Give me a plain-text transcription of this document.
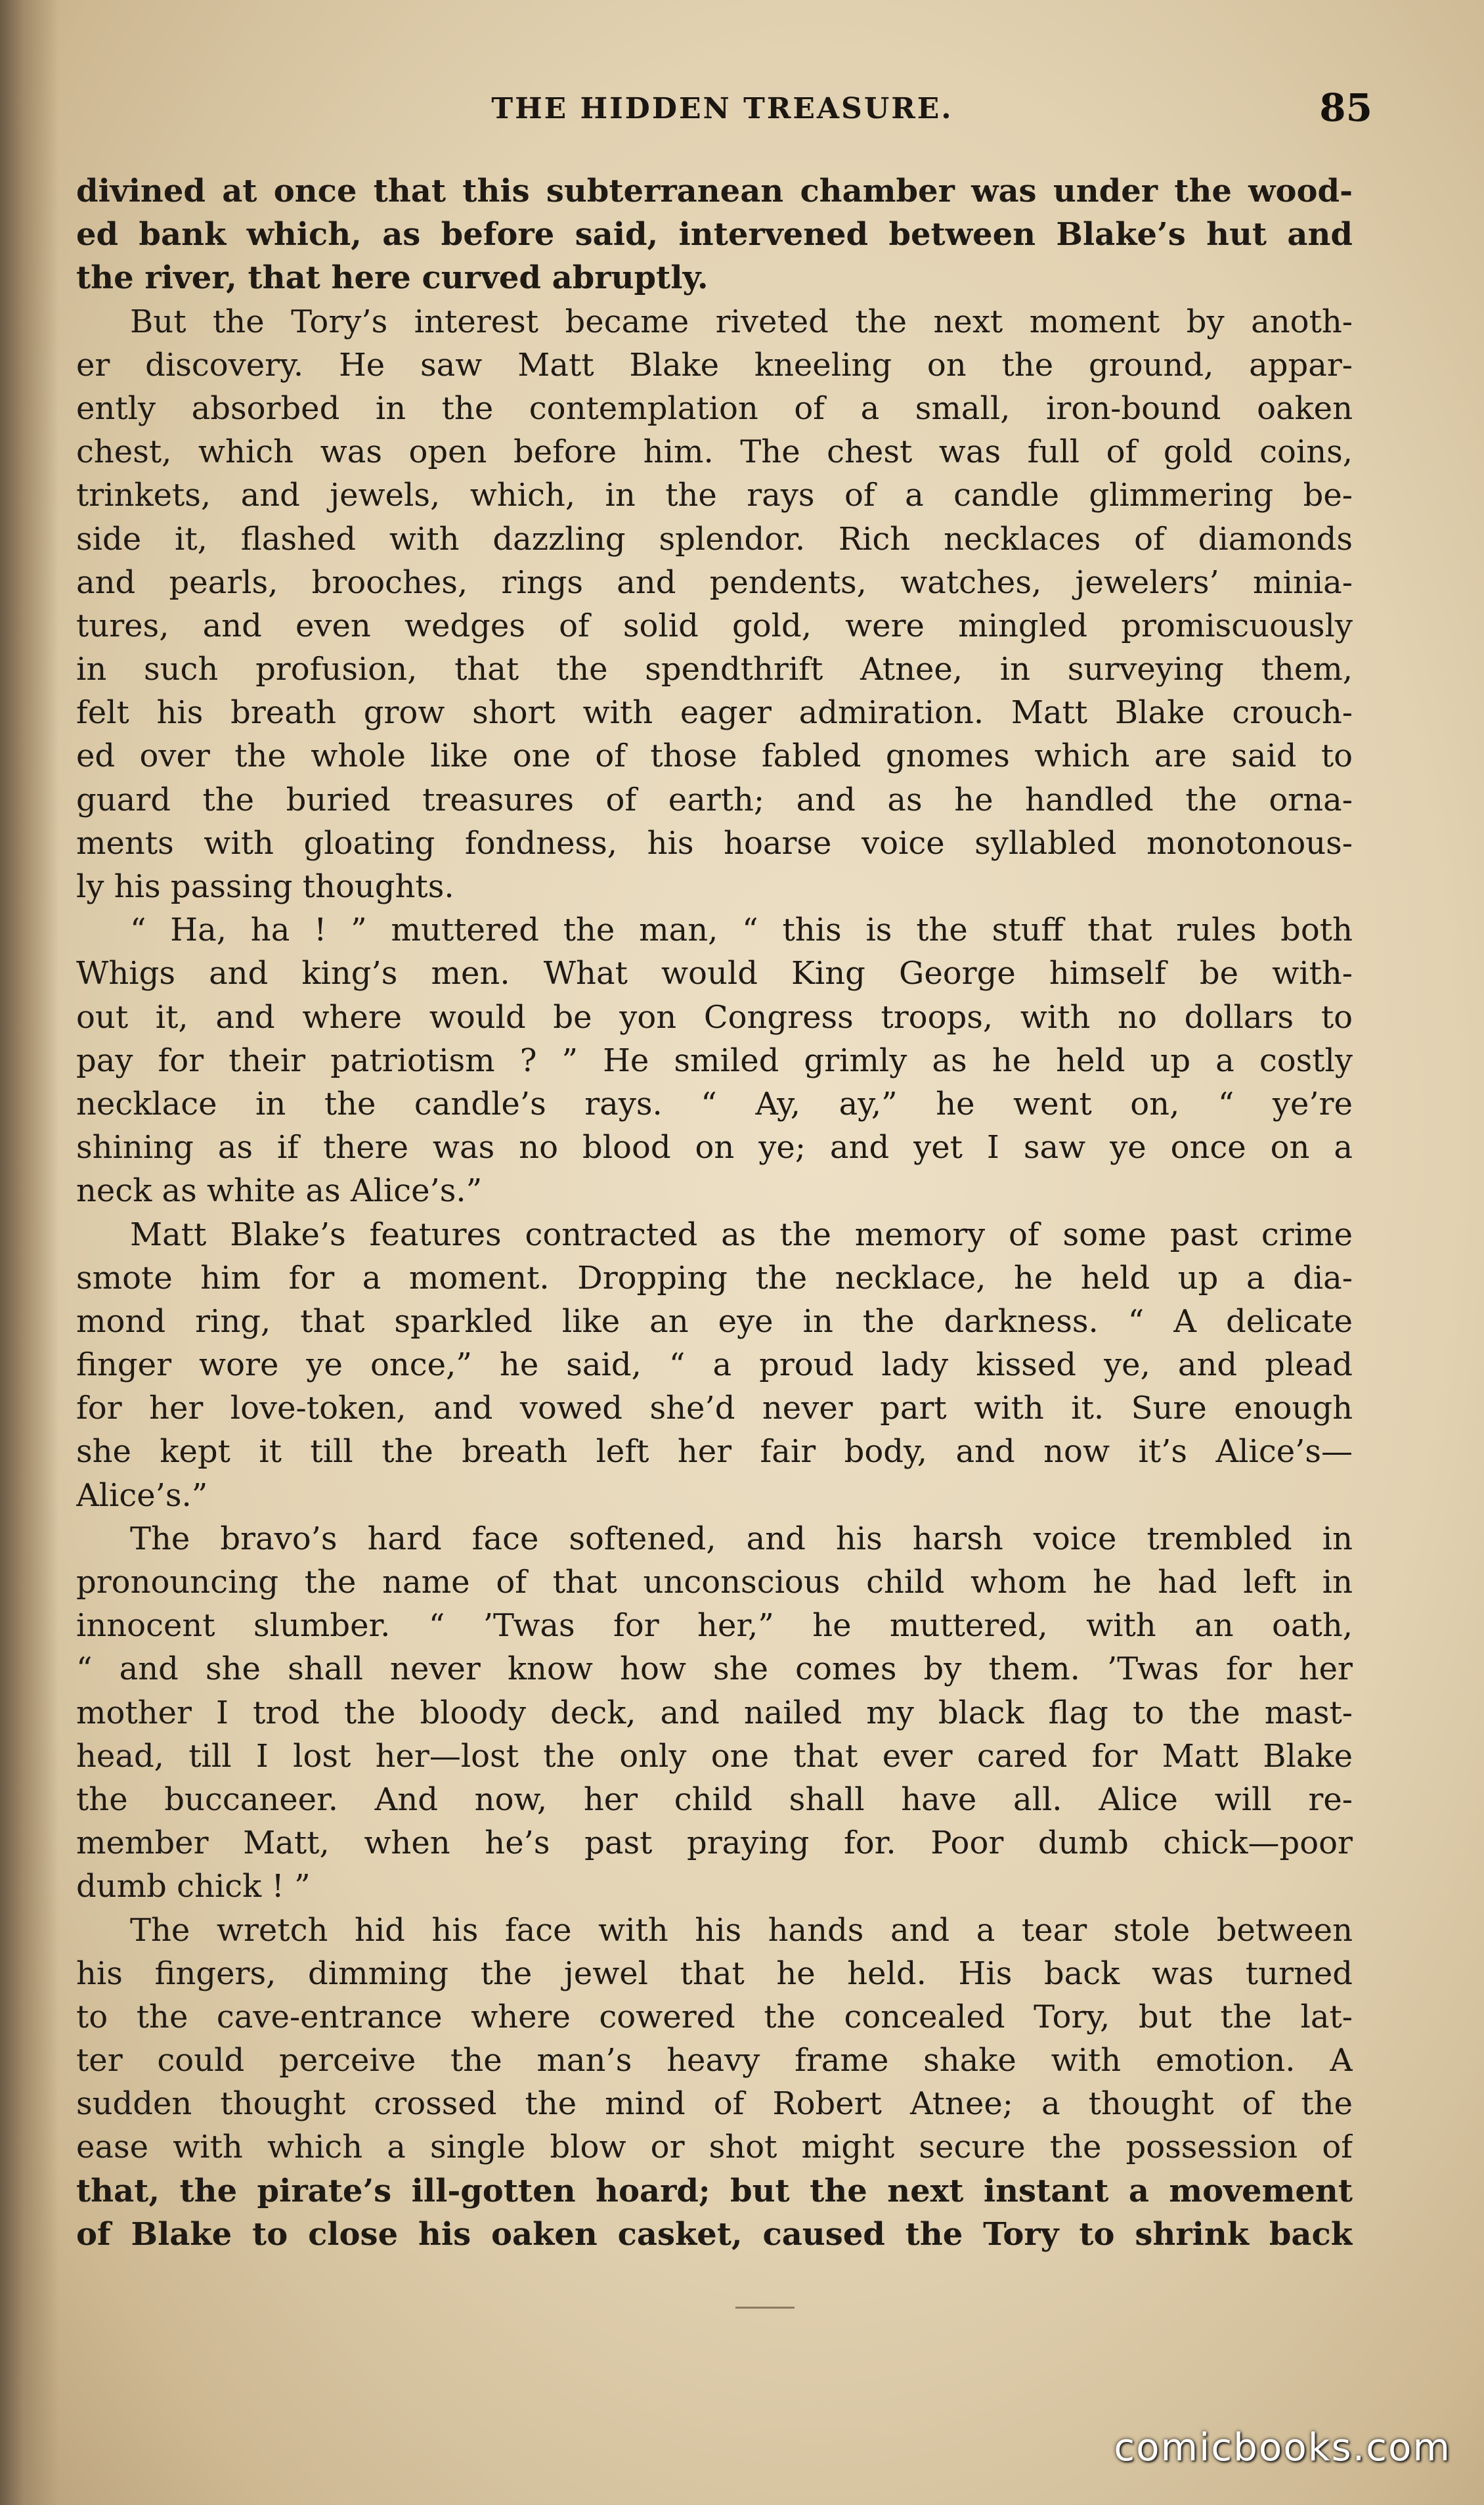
THE HIDDEN TREASURE.	85
divined at once that this subterranean chamber was under the wood-
ed bank which, as before said, intervened between Blake’s hut and
the river, that here curved abruptly.
But the Tory’s interest became riveted the next moment by anoth-
er discovery. He saw Matt Blake kneeling on the ground, appar-
ently absorbed in the contemplation of a small, iron-bound oaken
chest, which was open before him. The chest was full of gold coins,
trinkets, and jewels, which, in the rays of a candle glimmering be-
side it, flashed with dazzling splendor. Rich necklaces of diamonds
and pearls, brooches, rings and pendents, watches, jewelers’ minia-
tures, and even wedges of solid gold, were mingled promiscuously
in such profusion, that the spendthrift Atnee, in surveying them,
felt his breath grow short with eager admiration. Matt Blake crouch-
ed over the whole like one of those fabled gnomes which are said to
guard the buried treasures of earth; and as he handled the orna-
ments with gloating fondness, his hoarse voice syllabled monotonous-
ly his passing thoughts.
“ Ha, ha ! ” muttered the man, “ this is the stuff that rules both
Whigs and king’s men. What would King George himself be with-
out it, and where would be yon Congress troops, with no dollars to
pay for their patriotism ? ” He smiled grimly as he held up a costly
necklace in the candle’s rays. “ Ay, ay,” he went on, “ ye’re
shining as if there was no blood on ye; and yet I saw ye once on a
neck as white as Alice’s.”
Matt Blake’s features contracted as the memory of some past crime
smote him for a moment. Dropping the necklace, he held up a dia-
mond ring, that sparkled like an eye in the darkness. “ A delicate
finger wore ye once,” he said, “ a proud lady kissed ye, and plead
for her love-token, and vowed she’d never part with it. Sure enough
she kept it till the breath left her fair body, and now it’s Alice’s—
Alice’s.”
The bravo’s hard face softened, and his harsh voice trembled in
pronouncing the name of that unconscious child whom he had left in
innocent slumber. “ ’Twas for her,” he muttered, with an oath,
“ and she shall never know how she comes by them. ’Twas for her
mother I trod the bloody deck, and nailed my black flag to the mast-
head, till I lost her—lost the only one that ever cared for Matt Blake
the buccaneer. And now, her child shall have all. Alice will re-
member Matt, when he’s past praying for. Poor dumb chick—poor
dumb chick ! ”
The wretch hid his face with his hands and a tear stole between
his fingers, dimming the jewel that he held. His back was turned
to the cave-entrance where cowered the concealed Tory, but the lat-
ter could perceive the man’s heavy frame shake with emotion. A
sudden thought crossed the mind of Robert Atnee; a thought of the
ease with which a single blow or shot might secure the possession of
that, the pirate’s ill-gotten hoard; but the next instant a movement
of Blake to close his oaken casket, caused the Tory to shrink back
comicbooks.com
